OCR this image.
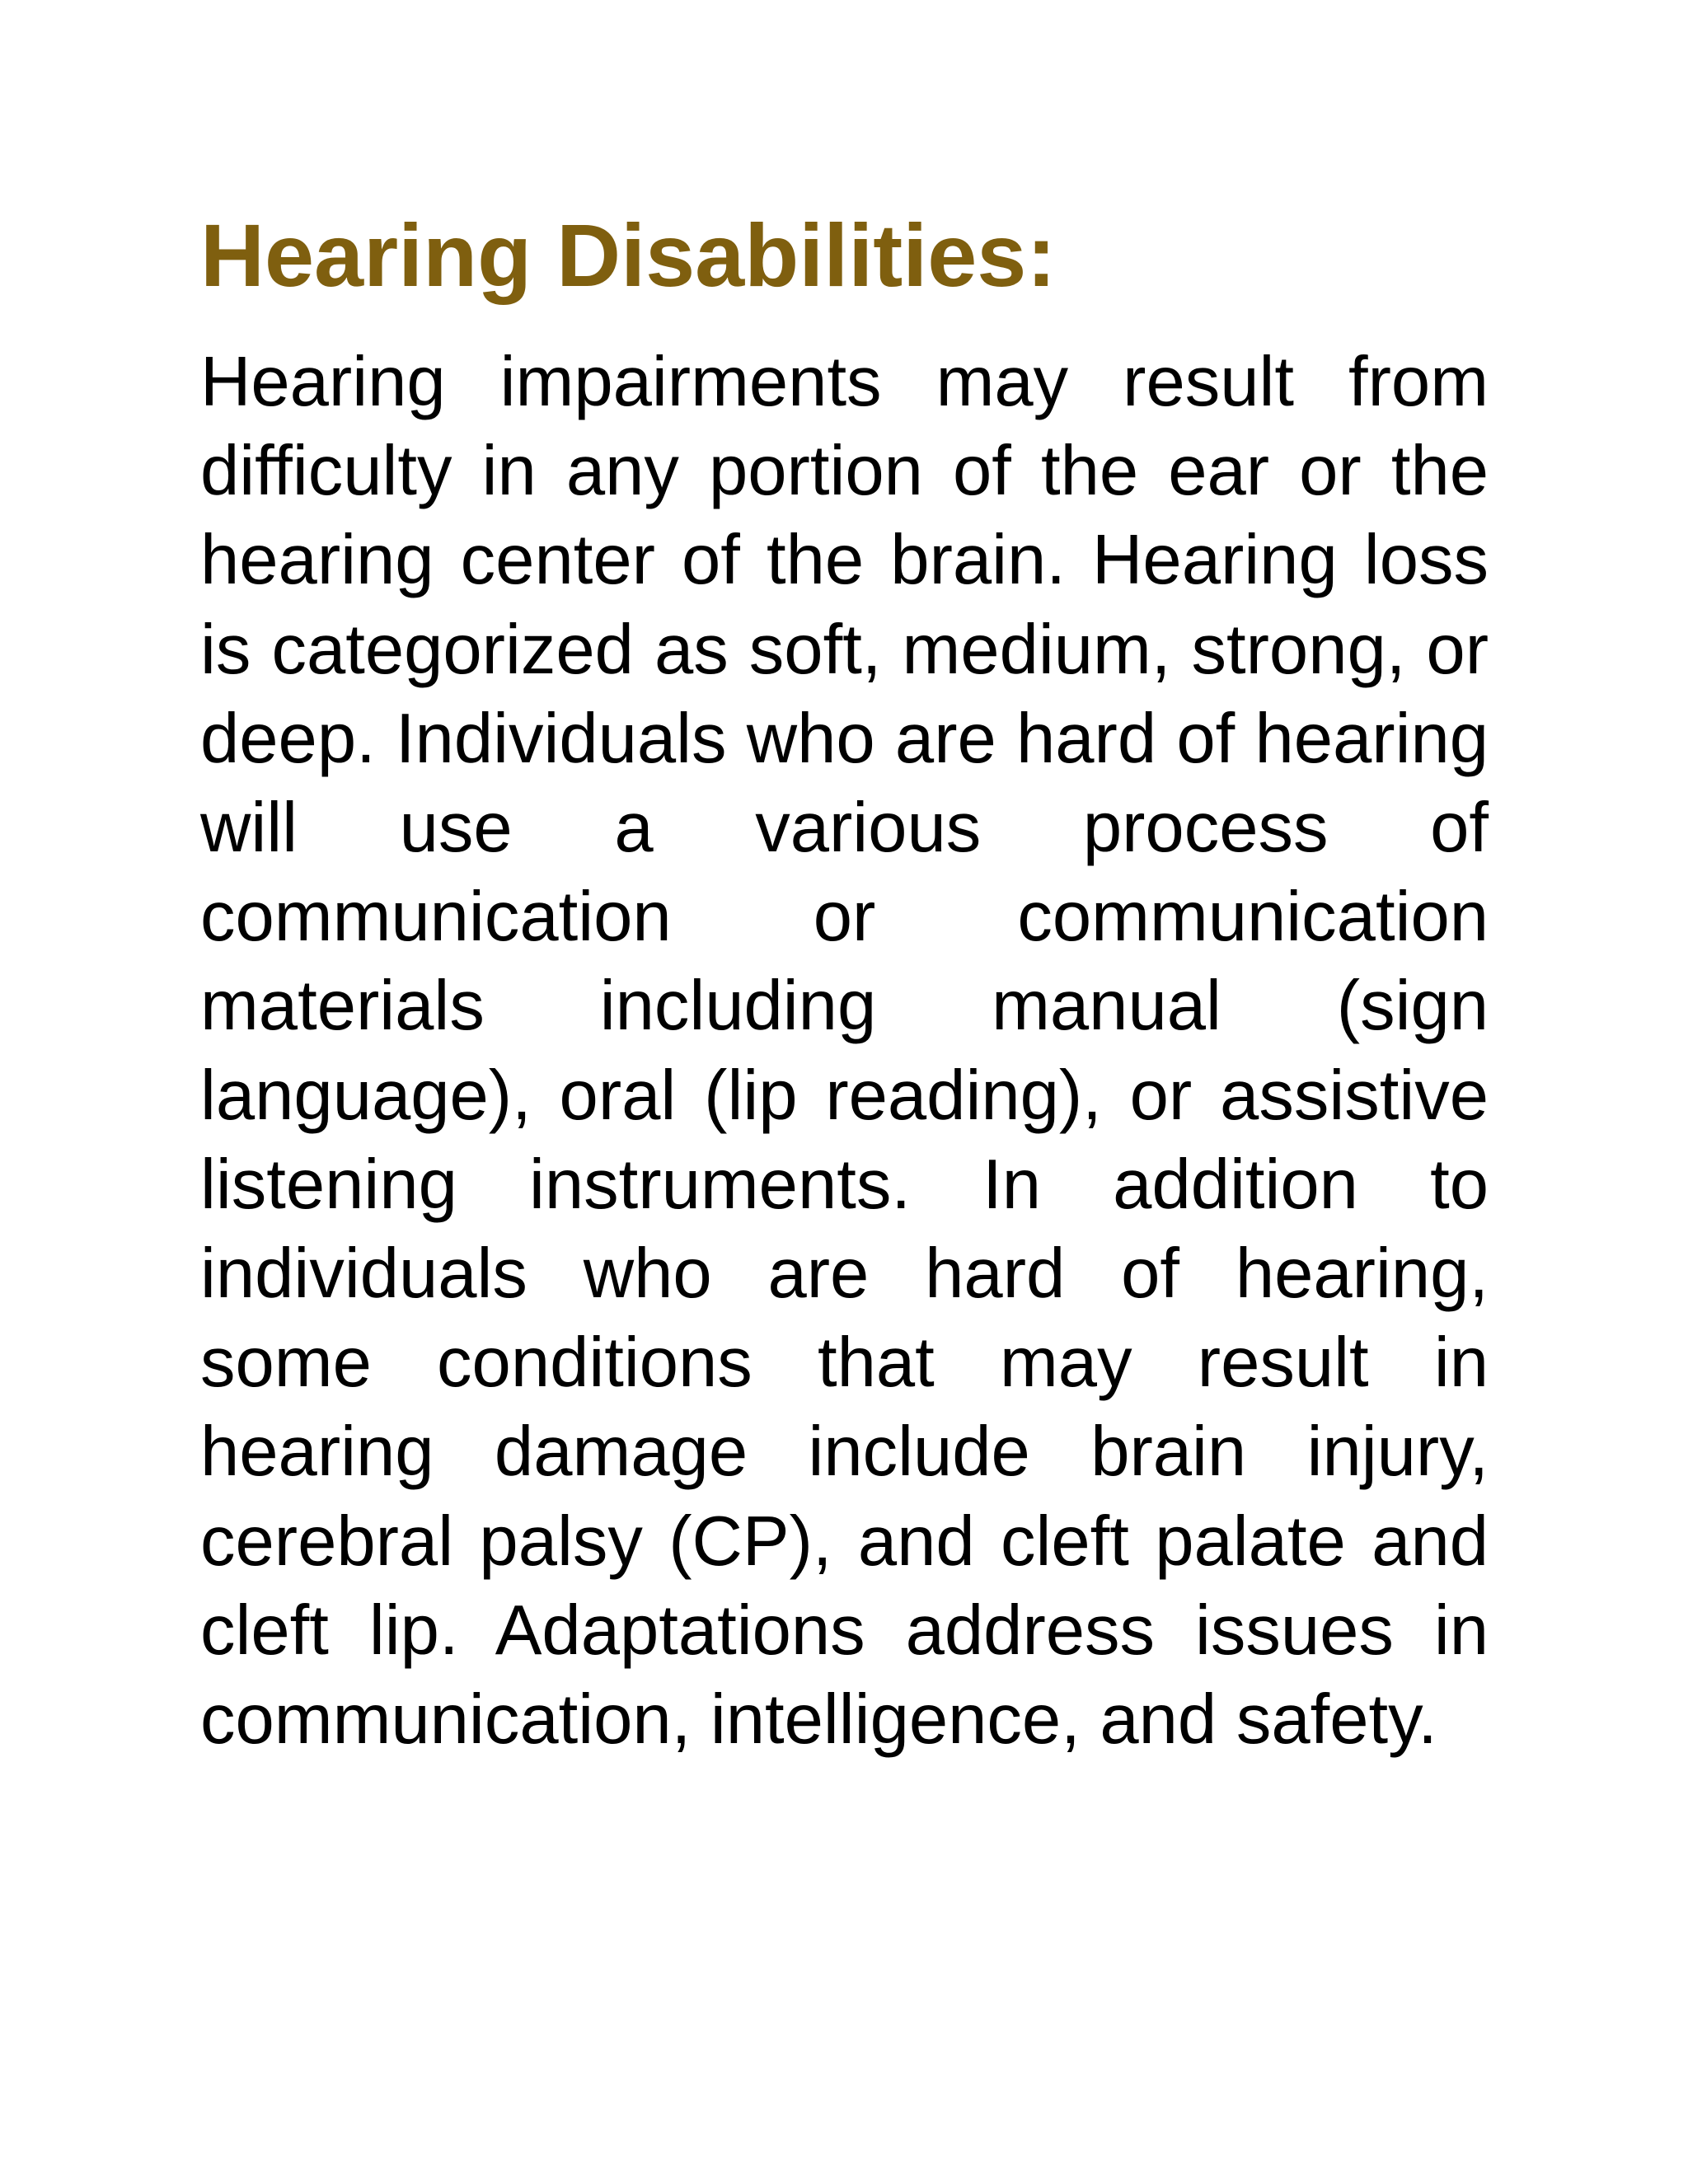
Hearing Disabilities:

Hearing impairments may result from difficulty in any portion of the ear or the hearing center of the brain. Hearing loss is categorized as soft, medium, strong, or deep. Individuals who are hard of hearing will use a various process of communication or communication materials including manual (sign language), oral (lip reading), or assistive listening instruments. In addition to individuals who are hard of hearing, some conditions that may result in hearing damage include brain injury, cerebral palsy (CP), and cleft palate and cleft lip. Adaptations address issues in communication, intelligence, and safety.
